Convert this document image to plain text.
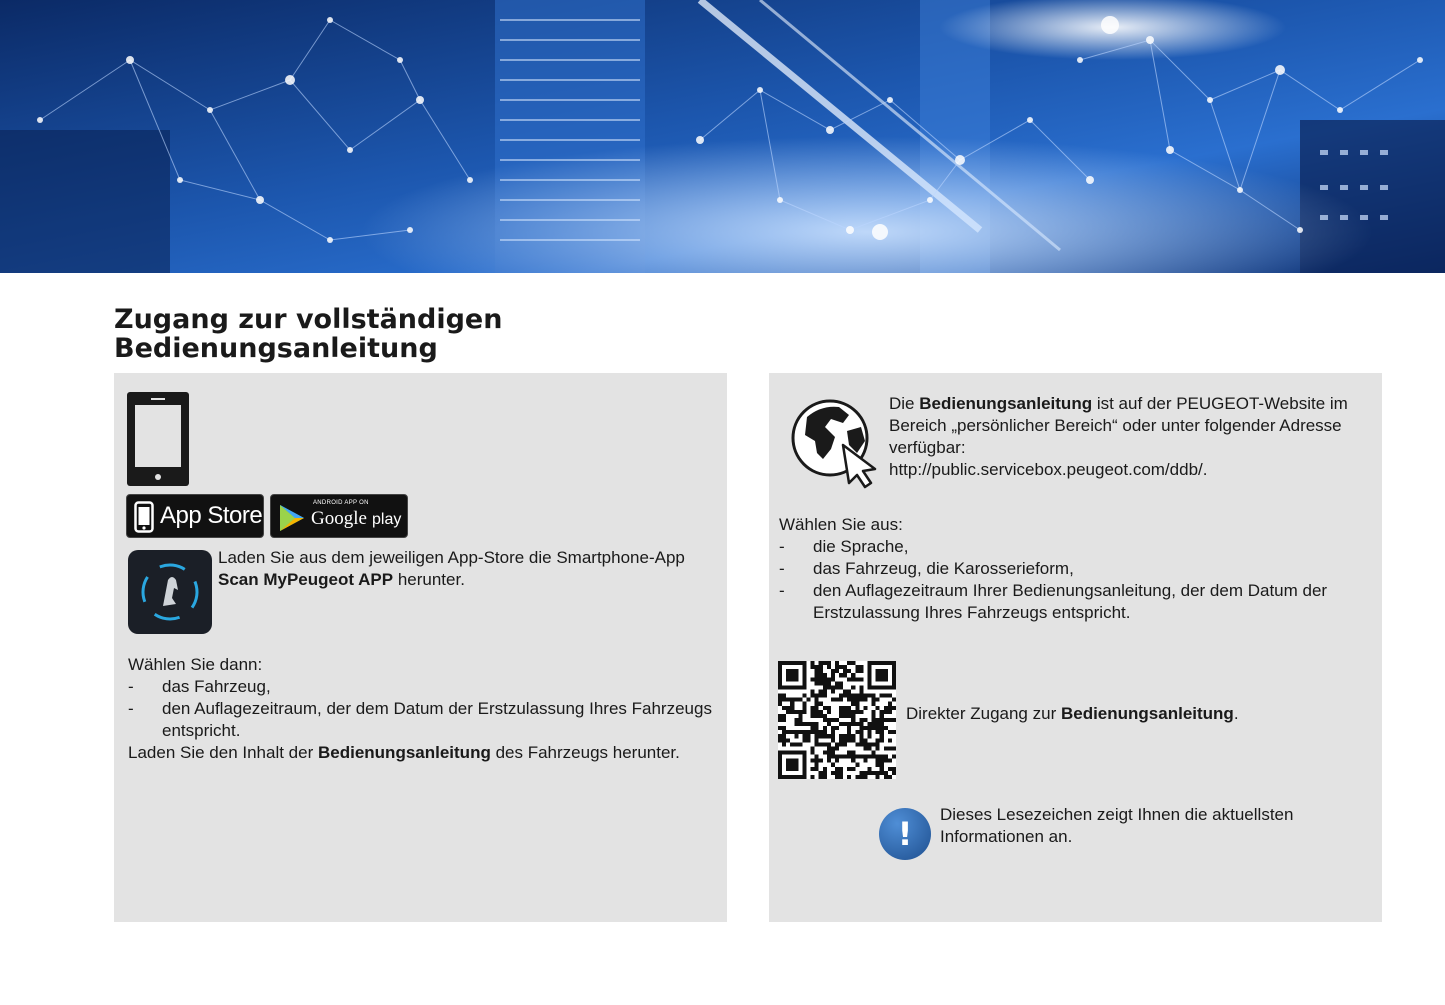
Zugang zur vollständigen
Bedienungsanleitung
App Store	ANDROID APP ON
Google play

Laden Sie aus dem jeweiligen App-Store die Smartphone-App
Scan MyPeugeot APP herunter.

Wählen Sie dann:

- das Fahrzeug,
- den Auflagezeitraum, der dem Datum der Erstzulassung Ihres Fahrzeugs entspricht.

Laden Sie den Inhalt der Bedienungsanleitung des Fahrzeugs herunter.

Die Bedienungsanleitung ist auf der PEUGEOT-Website im Bereich „persönlicher Bereich“ oder unter folgender Adresse verfügbar:

http://public.servicebox.peugeot.com/ddb/.

Wählen Sie aus:

- die Sprache,
- das Fahrzeug, die Karosserieform,
- den Auflagezeitraum Ihrer Bedienungsanleitung, der dem Datum der Erstzulassung Ihres Fahrzeugs entspricht.

Direkter Zugang zur Bedienungsanleitung.

!
Dieses Lesezeichen zeigt Ihnen die aktuellsten Informationen an.
